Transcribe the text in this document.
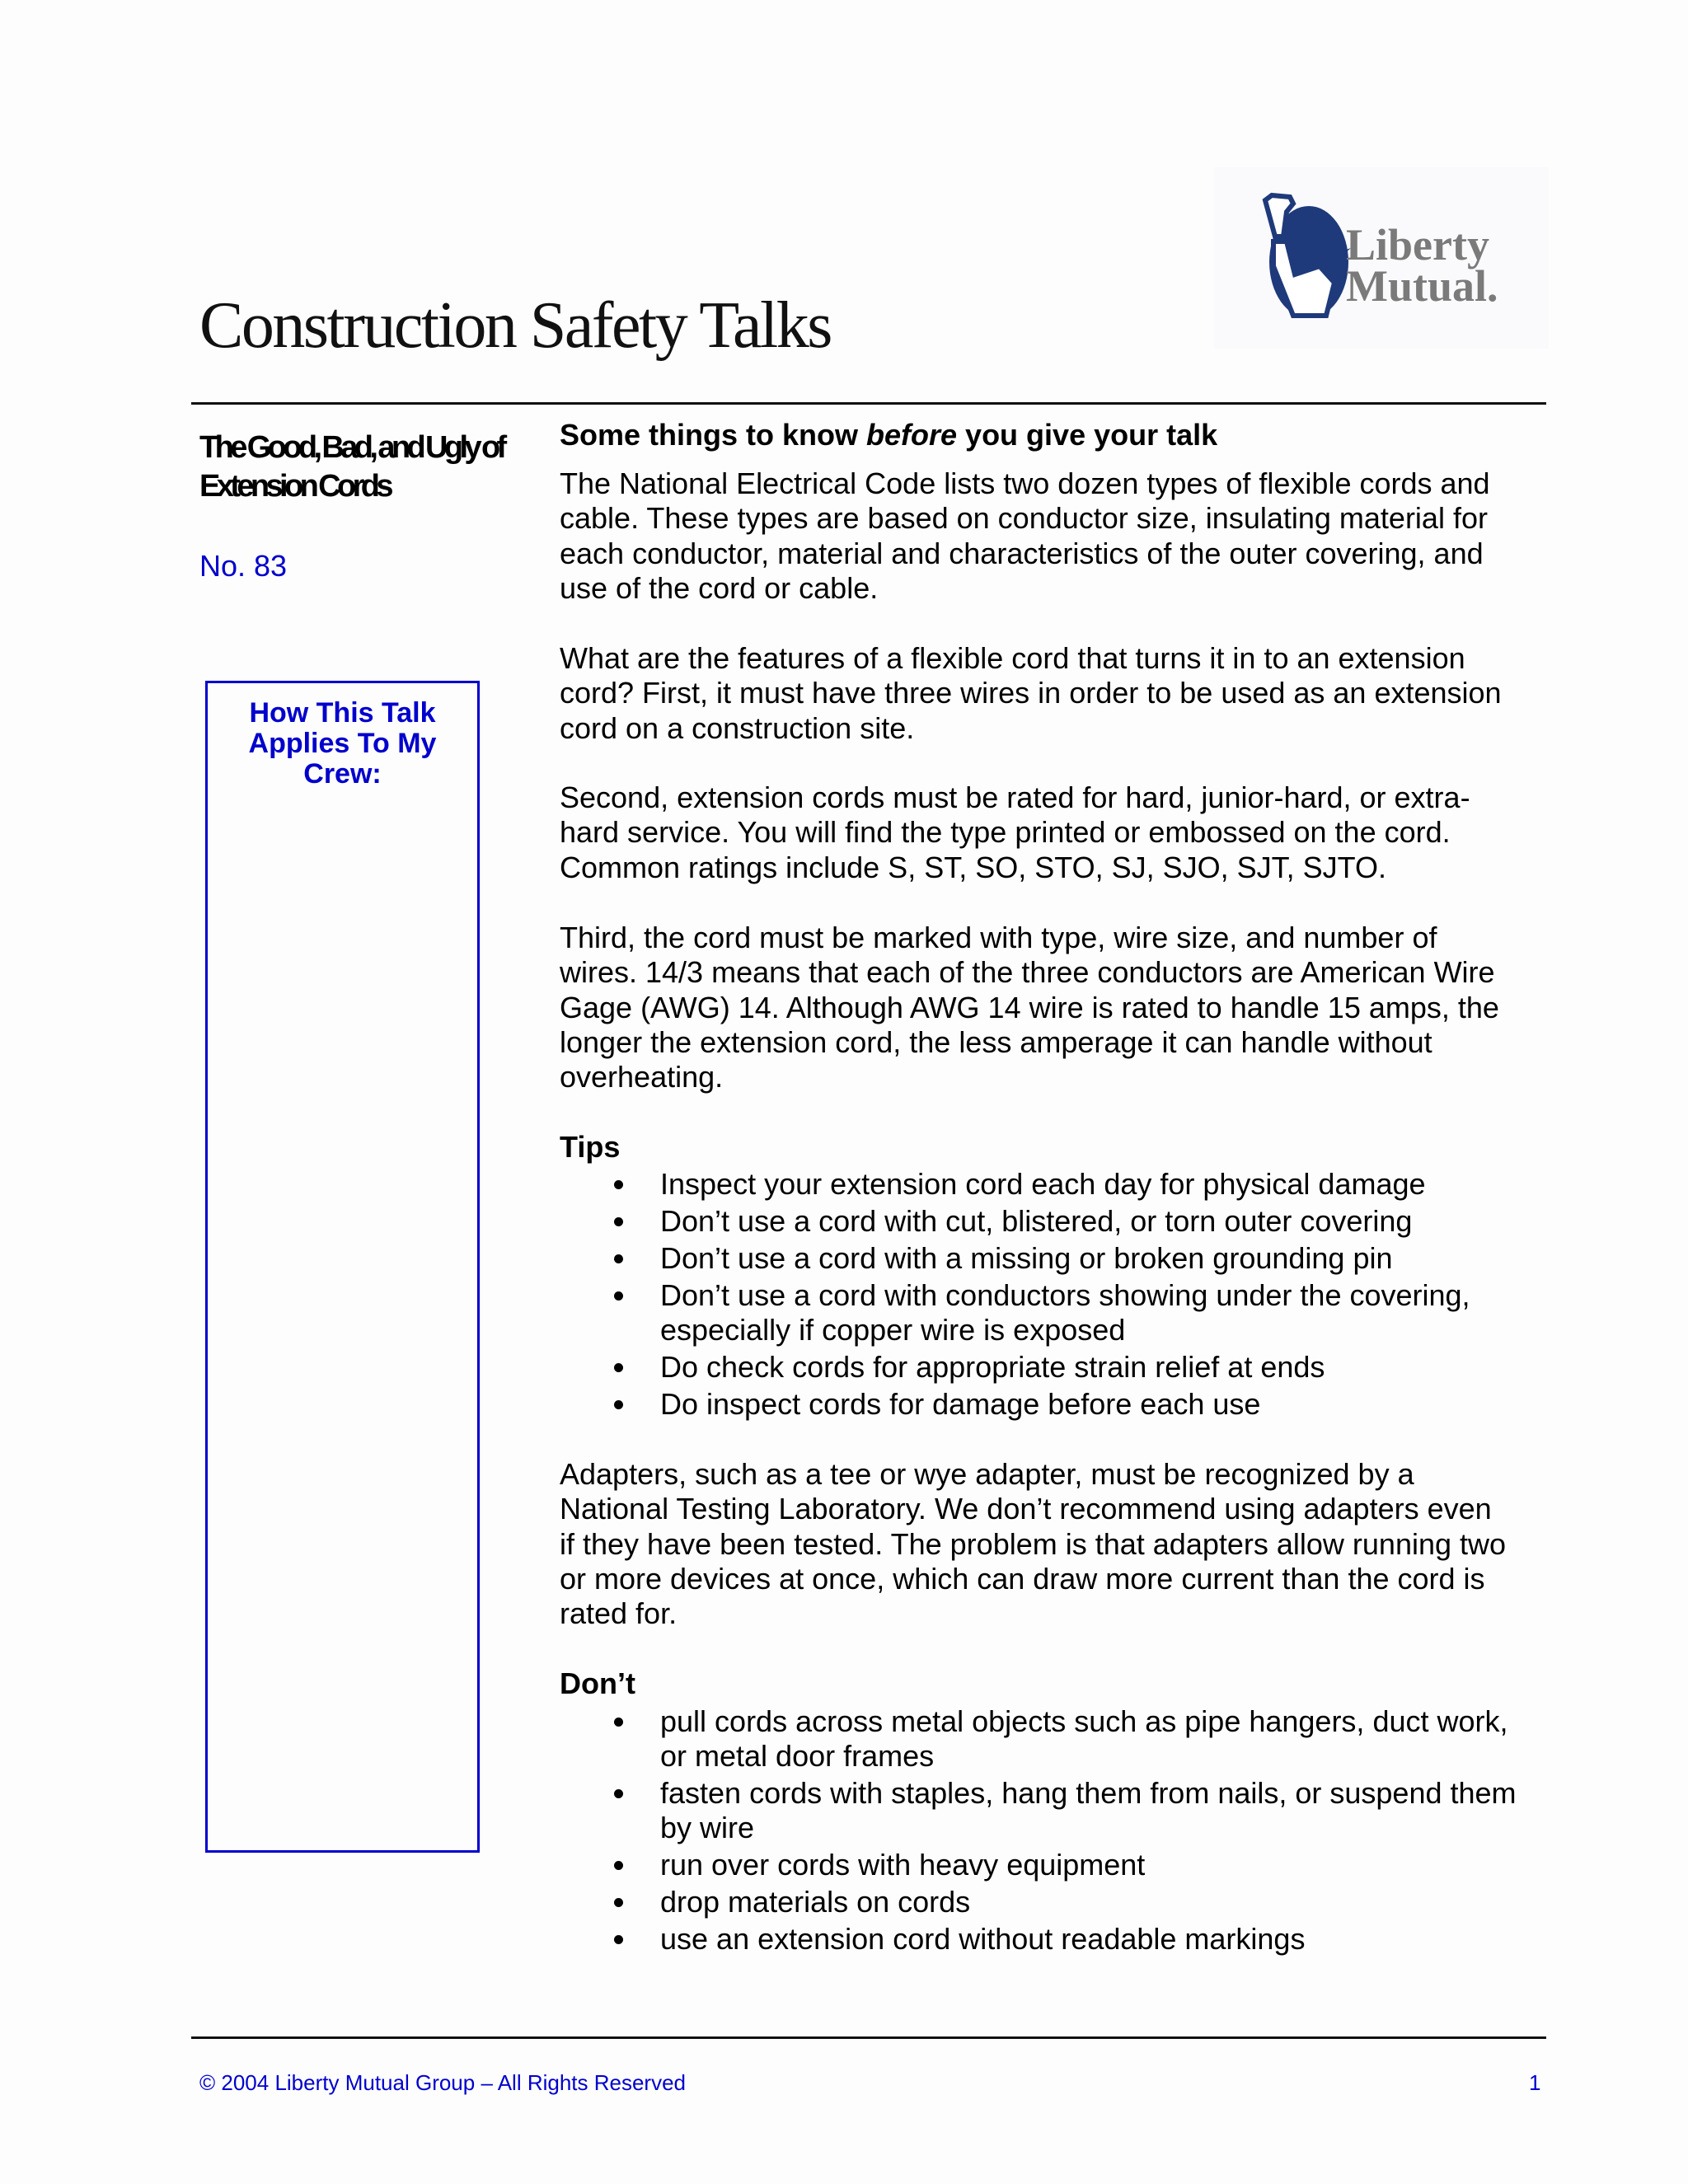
Construction Safety Talks
Liberty
Mutual.
The Good, Bad, and Ugly of
Extension Cords
No. 83
How This Talk
Applies To My
Crew:
Some things to know before you give your talk
The National Electrical Code lists two dozen types of flexible cords and
cable. These types are based on conductor size, insulating material for
each conductor, material and characteristics of the outer covering, and
use of the cord or cable.
What are the features of a flexible cord that turns it in to an extension
cord? First, it must have three wires in order to be used as an extension
cord on a construction site.
Second, extension cords must be rated for hard, junior-hard, or extra-
hard service. You will find the type printed or embossed on the cord.
Common ratings include S, ST, SO, STO, SJ, SJO, SJT, SJTO.
Third, the cord must be marked with type, wire size, and number of
wires. 14/3 means that each of the three conductors are American Wire
Gage (AWG) 14. Although AWG 14 wire is rated to handle 15 amps, the
longer the extension cord, the less amperage it can handle without
overheating.
Tips
Inspect your extension cord each day for physical damage
Don’t use a cord with cut, blistered, or torn outer covering
Don’t use a cord with a missing or broken grounding pin
Don’t use a cord with conductors showing under the covering,
especially if copper wire is exposed
Do check cords for appropriate strain relief at ends
Do inspect cords for damage before each use
Adapters, such as a tee or wye adapter, must be recognized by a
National Testing Laboratory. We don’t recommend using adapters even
if they have been tested. The problem is that adapters allow running two
or more devices at once, which can draw more current than the cord is
rated for.
Don’t
pull cords across metal objects such as pipe hangers, duct work,
or metal door frames
fasten cords with staples, hang them from nails, or suspend them
by wire
run over cords with heavy equipment
drop materials on cords
use an extension cord without readable markings
© 2004 Liberty Mutual Group – All Rights Reserved	1
